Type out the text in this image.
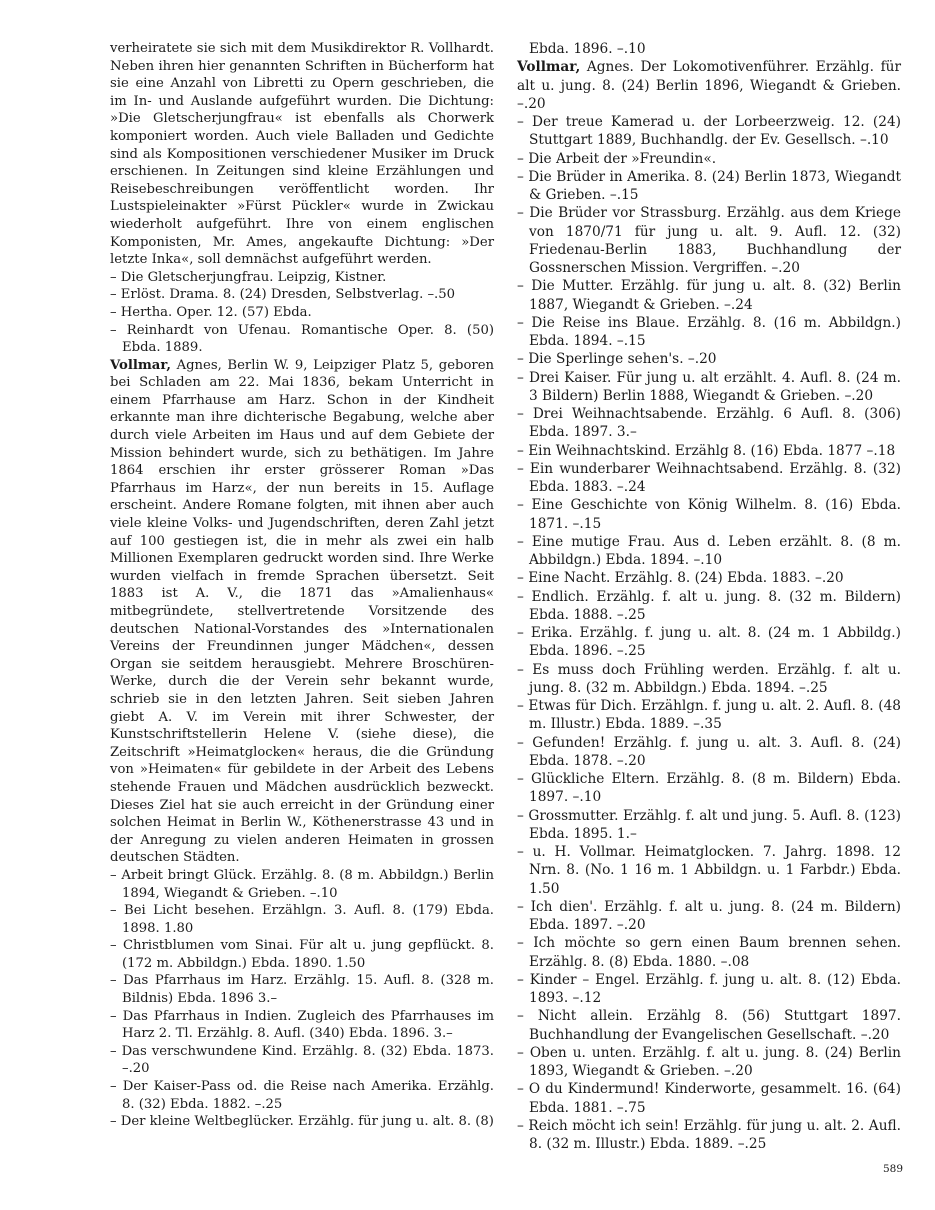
verheiratete sie sich mit dem Musikdirektor R. Vollhardt. Neben ihren hier genannten Schriften in Bücherform hat sie eine Anzahl von Libretti zu Opern geschrieben, die im In- und Auslande aufgeführt wurden. Die Dichtung: »Die Gletscherjungfrau« ist ebenfalls als Chorwerk komponiert worden. Auch viele Balladen und Gedichte sind als Kompositionen verschiedener Musiker im Druck erschienen. In Zeitungen sind kleine Erzählungen und Reisebeschreibungen veröffentlicht worden. Ihr Lustspieleinakter »Fürst Pückler« wurde in Zwickau wiederholt aufgeführt. Ihre von einem englischen Komponisten, Mr. Ames, angekaufte Dichtung: »Der letzte Inka«, soll demnächst aufgeführt werden.

– Die Gletscherjungfrau. Leipzig, Kistner.

– Erlöst. Drama. 8. (24) Dresden, Selbstverlag. –.50

– Hertha. Oper. 12. (57) Ebda.

– Reinhardt von Ufenau. Romantische Oper. 8. (50) Ebda. 1889.

Vollmar, Agnes, Berlin W. 9, Leipziger Platz 5, geboren bei Schladen am 22. Mai 1836, bekam Unterricht in einem Pfarrhause am Harz. Schon in der Kindheit erkannte man ihre dichterische Begabung, welche aber durch viele Arbeiten im Haus und auf dem Gebiete der Mission behindert wurde, sich zu bethätigen. Im Jahre 1864 erschien ihr erster grösserer Roman »Das Pfarrhaus im Harz«, der nun bereits in 15. Auflage erscheint. Andere Romane folgten, mit ihnen aber auch viele kleine Volks- und Jugendschriften, deren Zahl jetzt auf 100 gestiegen ist, die in mehr als zwei ein halb Millionen Exemplaren gedruckt worden sind. Ihre Werke wurden vielfach in fremde Sprachen übersetzt. Seit 1883 ist A. V., die 1871 das »Amalienhaus« mitbegründete, stellvertretende Vorsitzende des deutschen National-Vorstandes des »Internationalen Vereins der Freundinnen junger Mädchen«, dessen Organ sie seitdem herausgiebt. Mehrere Broschüren-Werke, durch die der Verein sehr bekannt wurde, schrieb sie in den letzten Jahren. Seit sieben Jahren giebt A. V. im Verein mit ihrer Schwester, der Kunstschriftstellerin Helene V. (siehe diese), die Zeitschrift »Heimatglocken« heraus, die die Gründung von »Heimaten« für gebildete in der Arbeit des Lebens stehende Frauen und Mädchen ausdrücklich bezweckt. Dieses Ziel hat sie auch erreicht in der Gründung einer solchen Heimat in Berlin W., Köthenerstrasse 43 und in der Anregung zu vielen anderen Heimaten in grossen deutschen Städten.

– Arbeit bringt Glück. Erzählg. 8. (8 m. Abbildgn.) Berlin 1894, Wiegandt & Grieben. –.10

– Bei Licht besehen. Erzählgn. 3. Aufl. 8. (179) Ebda. 1898. 1.80

– Christblumen vom Sinai. Für alt u. jung gepflückt. 8. (172 m. Abbildgn.) Ebda. 1890. 1.50

– Das Pfarrhaus im Harz. Erzählg. 15. Aufl. 8. (328 m. Bildnis) Ebda. 1896 3.–

– Das Pfarrhaus in Indien. Zugleich des Pfarrhauses im Harz 2. Tl. Erzählg. 8. Aufl. (340) Ebda. 1896. 3.–

– Das verschwundene Kind. Erzählg. 8. (32) Ebda. 1873. –.20

– Der Kaiser-Pass od. die Reise nach Amerika. Erzählg. 8. (32) Ebda. 1882. –.25

– Der kleine Weltbeglücker. Erzählg. für jung u. alt. 8. (8)

Ebda. 1896. –.10

Vollmar, Agnes. Der Lokomotivenführer. Erzählg. für alt u. jung. 8. (24) Berlin 1896, Wiegandt & Grieben. –.20

– Der treue Kamerad u. der Lorbeerzweig. 12. (24) Stuttgart 1889, Buchhandlg. der Ev. Gesellsch. –.10

– Die Arbeit der »Freundin«.

– Die Brüder in Amerika. 8. (24) Berlin 1873, Wiegandt & Grieben. –.15

– Die Brüder vor Strassburg. Erzählg. aus dem Kriege von 1870/71 für jung u. alt. 9. Aufl. 12. (32) Friedenau-Berlin 1883, Buchhandlung der Gossnerschen Mission. Vergriffen. –.20

– Die Mutter. Erzählg. für jung u. alt. 8. (32) Berlin 1887, Wiegandt & Grieben. –.24

– Die Reise ins Blaue. Erzählg. 8. (16 m. Abbildgn.) Ebda. 1894. –.15

– Die Sperlinge sehen's. –.20

– Drei Kaiser. Für jung u. alt erzählt. 4. Aufl. 8. (24 m. 3 Bildern) Berlin 1888, Wiegandt & Grieben. –.20

– Drei Weihnachtsabende. Erzählg. 6 Aufl. 8. (306) Ebda. 1897. 3.–

– Ein Weihnachtskind. Erzählg 8. (16) Ebda. 1877 –.18

– Ein wunderbarer Weihnachtsabend. Erzählg. 8. (32) Ebda. 1883. –.24

– Eine Geschichte von König Wilhelm. 8. (16) Ebda. 1871. –.15

– Eine mutige Frau. Aus d. Leben erzählt. 8. (8 m. Abbildgn.) Ebda. 1894. –.10

– Eine Nacht. Erzählg. 8. (24) Ebda. 1883. –.20

– Endlich. Erzählg. f. alt u. jung. 8. (32 m. Bildern) Ebda. 1888. –.25

– Erika. Erzählg. f. jung u. alt. 8. (24 m. 1 Abbildg.) Ebda. 1896. –.25

– Es muss doch Frühling werden. Erzählg. f. alt u. jung. 8. (32 m. Abbildgn.) Ebda. 1894. –.25

– Etwas für Dich. Erzählgn. f. jung u. alt. 2. Aufl. 8. (48 m. Illustr.) Ebda. 1889. –.35

– Gefunden! Erzählg. f. jung u. alt. 3. Aufl. 8. (24) Ebda. 1878. –.20

– Glückliche Eltern. Erzählg. 8. (8 m. Bildern) Ebda. 1897. –.10

– Grossmutter. Erzählg. f. alt und jung. 5. Aufl. 8. (123) Ebda. 1895. 1.–

– u. H. Vollmar. Heimatglocken. 7. Jahrg. 1898. 12 Nrn. 8. (No. 1 16 m. 1 Abbildgn. u. 1 Farbdr.) Ebda. 1.50

– Ich dien'. Erzählg. f. alt u. jung. 8. (24 m. Bildern) Ebda. 1897. –.20

– Ich möchte so gern einen Baum brennen sehen. Erzählg. 8. (8) Ebda. 1880. –.08

– Kinder – Engel. Erzählg. f. jung u. alt. 8. (12) Ebda. 1893. –.12

– Nicht allein. Erzählg 8. (56) Stuttgart 1897. Buchhandlung der Evangelischen Gesellschaft. –.20

– Oben u. unten. Erzählg. f. alt u. jung. 8. (24) Berlin 1893, Wiegandt & Grieben. –.20

– O du Kindermund! Kinderworte, gesammelt. 16. (64) Ebda. 1881. –.75

– Reich möcht ich sein! Erzählg. für jung u. alt. 2. Aufl. 8. (32 m. Illustr.) Ebda. 1889. –.25

589
